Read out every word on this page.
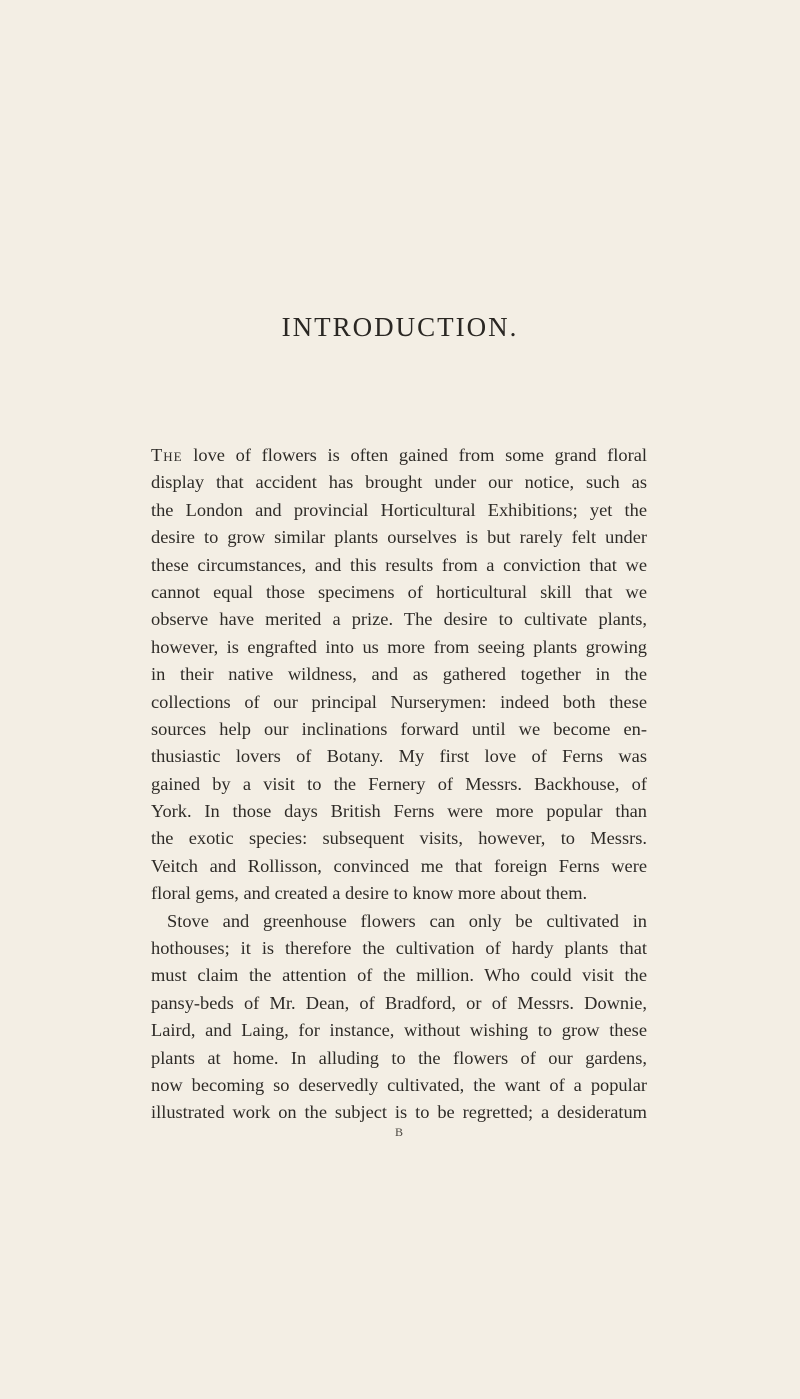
INTRODUCTION.
The love of flowers is often gained from some grand floral
display that accident has brought under our notice, such as
the London and provincial Horticultural Exhibitions; yet the
desire to grow similar plants ourselves is but rarely felt under
these circumstances, and this results from a conviction that we
cannot equal those specimens of horticultural skill that we
observe have merited a prize. The desire to cultivate plants,
however, is engrafted into us more from seeing plants growing
in their native wildness, and as gathered together in the
collections of our principal Nurserymen: indeed both these
sources help our inclinations forward until we become en-
thusiastic lovers of Botany. My first love of Ferns was
gained by a visit to the Fernery of Messrs. Backhouse, of
York. In those days British Ferns were more popular than
the exotic species: subsequent visits, however, to Messrs.
Veitch and Rollisson, convinced me that foreign Ferns were
floral gems, and created a desire to know more about them.
Stove and greenhouse flowers can only be cultivated in
hothouses; it is therefore the cultivation of hardy plants that
must claim the attention of the million. Who could visit the
pansy-beds of Mr. Dean, of Bradford, or of Messrs. Downie,
Laird, and Laing, for instance, without wishing to grow these
plants at home. In alluding to the flowers of our gardens,
now becoming so deservedly cultivated, the want of a popular
illustrated work on the subject is to be regretted; a desideratum
B
